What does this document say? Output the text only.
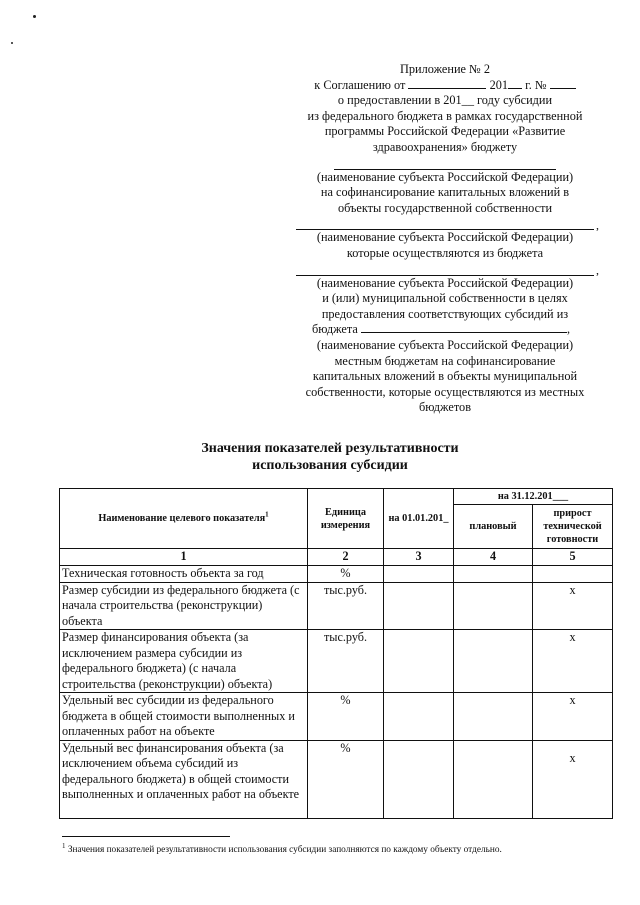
Приложение № 2
к Соглашению от	201 г. №
о предоставлении в 201__ году субсидии
из федерального бюджета в рамках государственной
программы Российской Федерации «Развитие
здравоохранения» бюджету
(наименование субъекта Российской Федерации)
на софинансирование капитальных вложений в
объекты государственной собственности
,
(наименование субъекта Российской Федерации)
которые осуществляются из бюджета
,
(наименование субъекта Российской Федерации)
и (или) муниципальной собственности в целях
предоставления соответствующих субсидий из
бюджета	,
(наименование субъекта Российской Федерации)
местным бюджетам на софинансирование
капитальных вложений в объекты муниципальной
собственности, которые осуществляются из местных
бюджетов
Значения показателей результативности
использования субсидии
Наименование целевого показателя$^1$	Единица измерения	на 01.01.201_	на 31.12.201___	
			плановый	прирост технической готовности
1	2	3	4	5
Техническая готовность объекта за год	%			
Размер субсидии из федерального бюджета (с начала строительства (реконструкции) объекта	тыс.руб.			x
Размер финансирования объекта (за исключением размера субсидии из федерального бюджета) (с начала строительства (реконструкции) объекта)	тыс.руб.			x
Удельный вес субсидии из федерального бюджета в общей стоимости выполненных и оплаченных работ на объекте	%			x
Удельный вес финансирования объекта (за исключением объема субсидий из федерального бюджета) в общей стоимости выполненных и оплаченных работ на объекте	%			x
$^1$ Значения показателей результативности использования субсидии заполняются по каждому объекту отдельно.
